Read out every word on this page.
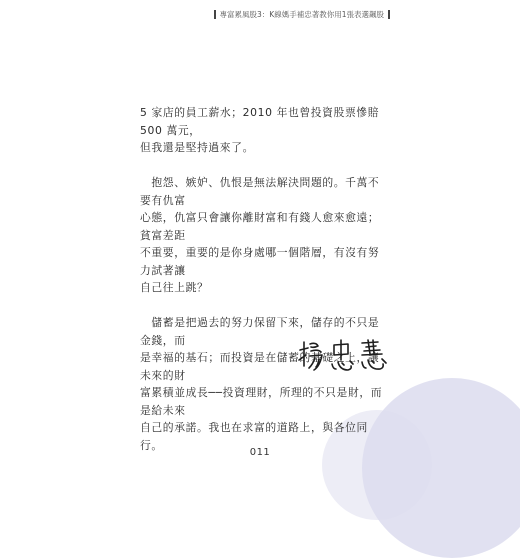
專富累風股3：K線媽手補忠著教你用1張表選飆股

5 家店的員工薪水；2010 年也曾投資股票慘賠 500 萬元，
但我還是堅持過來了。

　抱怨、嫉妒、仇恨是無法解決問題的。千萬不要有仇富
心態，仇富只會讓你離財富和有錢人愈來愈遠；貧富差距
不重要，重要的是你身處哪一個階層，有沒有努力試著讓
自己往上跳？

　儲蓄是把過去的努力保留下來，儲存的不只是金錢，而
是幸福的基石；而投資是在儲蓄的基礎之上，讓未來的財
富累積並成長──投資理財，所理的不只是財，而是給未來
自己的承諾。我也在求富的道路上，與各位同行。

011
